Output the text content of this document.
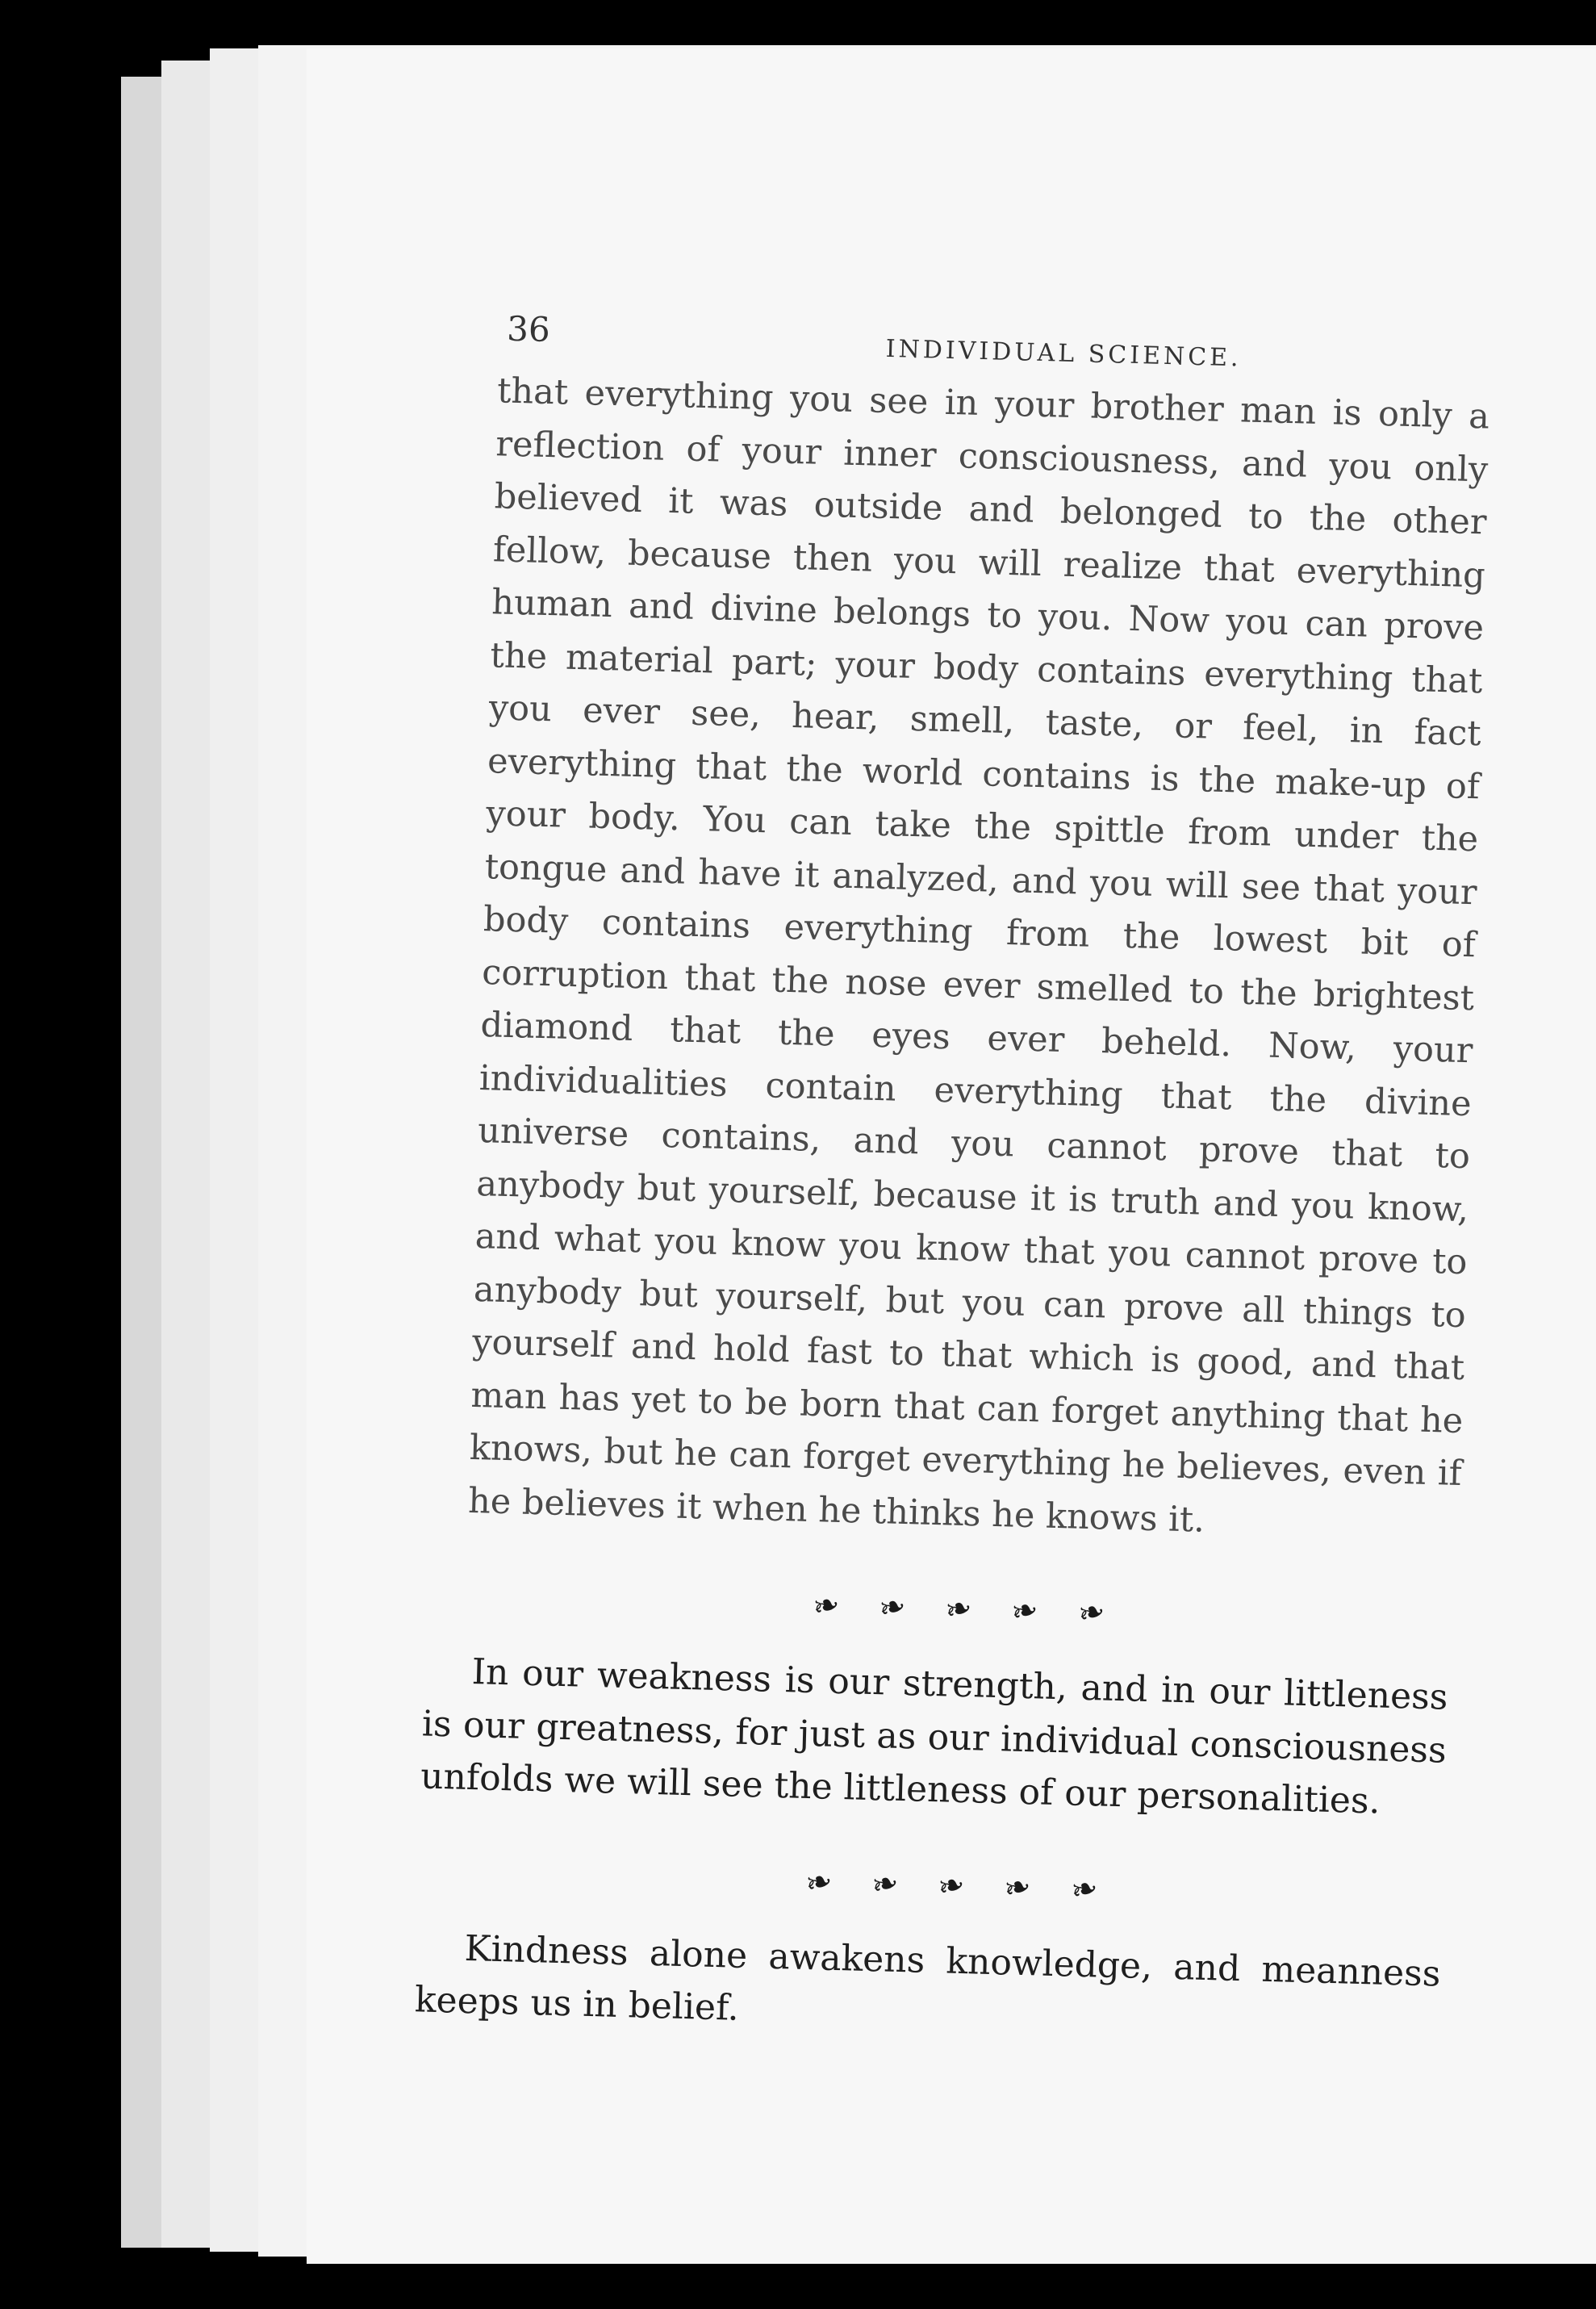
36
INDIVIDUAL SCIENCE.

that everything you see in your brother man is only a reflection of your inner consciousness, and you only believed it was outside and belonged to the other fellow, because then you will realize that everything human and divine belongs to you. Now you can prove the material part; your body contains everything that you ever see, hear, smell, taste, or feel, in fact everything that the world contains is the make-up of your body. You can take the spittle from under the tongue and have it analyzed, and you will see that your body contains everything from the lowest bit of corruption that the nose ever smelled to the brightest diamond that the eyes ever beheld. Now, your individualities contain everything that the divine universe contains, and you cannot prove that to anybody but yourself, because it is truth and you know, and what you know you know that you cannot prove to anybody but yourself, but you can prove all things to yourself and hold fast to that which is good, and that man has yet to be born that can forget anything that he knows, but he can forget everything he believes, even if he believes it when he thinks he knows it.

❧ ❧ ❧ ❧ ❧

In our weakness is our strength, and in our littleness is our greatness, for just as our individual consciousness unfolds we will see the littleness of our personalities.

❧ ❧ ❧ ❧ ❧

Kindness alone awakens knowledge, and meanness keeps us in belief.
